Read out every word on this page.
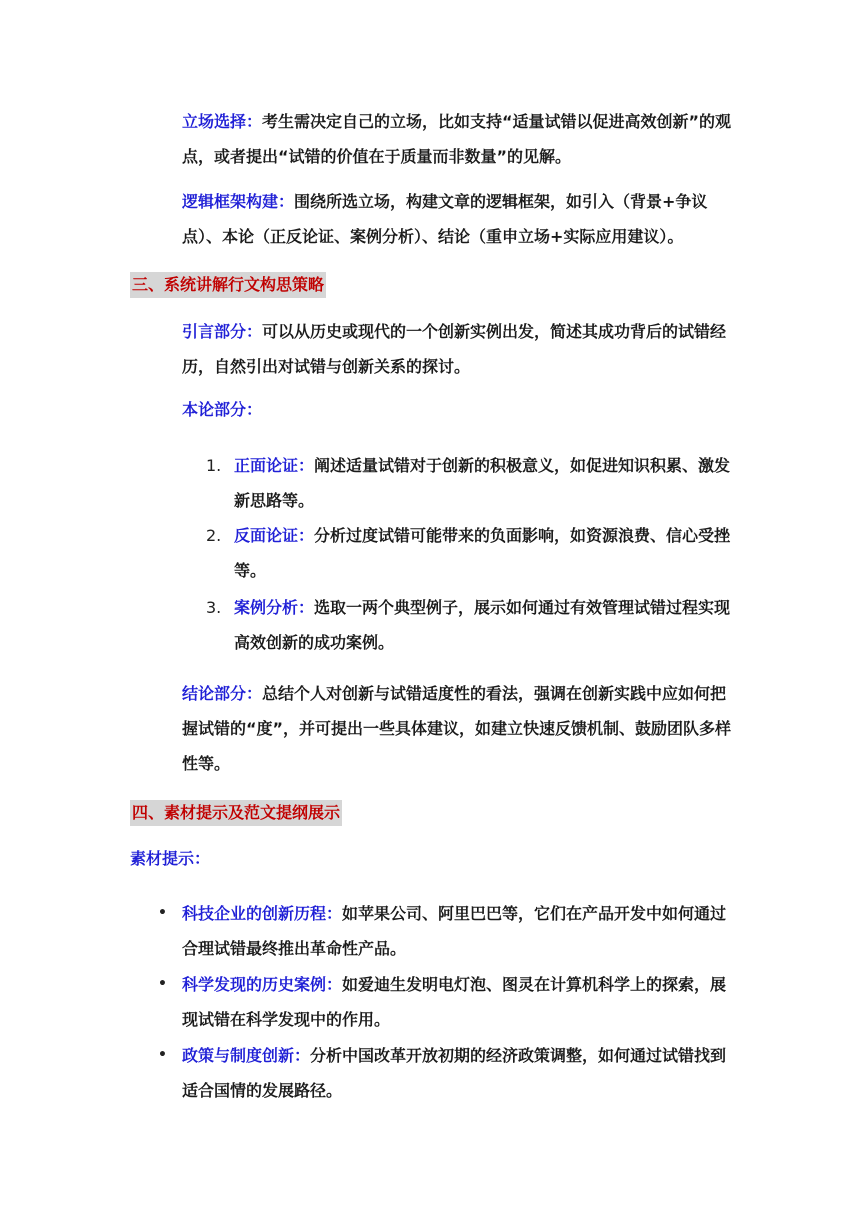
立场选择：考生需决定自己的立场，比如支持“适量试错以促进高效创新”的观点，或者提出“试错的价值在于质量而非数量”的见解。

逻辑框架构建：围绕所选立场，构建文章的逻辑框架，如引入（背景+争议点）、本论（正反论证、案例分析）、结论（重申立场+实际应用建议）。

三、系统讲解行文构思策略

引言部分：可以从历史或现代的一个创新实例出发，简述其成功背后的试错经历，自然引出对试错与创新关系的探讨。

本论部分：

1. 正面论证：阐述适量试错对于创新的积极意义，如促进知识积累、激发新思路等。
2. 反面论证：分析过度试错可能带来的负面影响，如资源浪费、信心受挫等。
3. 案例分析：选取一两个典型例子，展示如何通过有效管理试错过程实现高效创新的成功案例。

结论部分：总结个人对创新与试错适度性的看法，强调在创新实践中应如何把握试错的“度”，并可提出一些具体建议，如建立快速反馈机制、鼓励团队多样性等。

四、素材提示及范文提纲展示

素材提示：

• 科技企业的创新历程：如苹果公司、阿里巴巴等，它们在产品开发中如何通过合理试错最终推出革命性产品。
• 科学发现的历史案例：如爱迪生发明电灯泡、图灵在计算机科学上的探索，展现试错在科学发现中的作用。
• 政策与制度创新：分析中国改革开放初期的经济政策调整，如何通过试错找到适合国情的发展路径。
